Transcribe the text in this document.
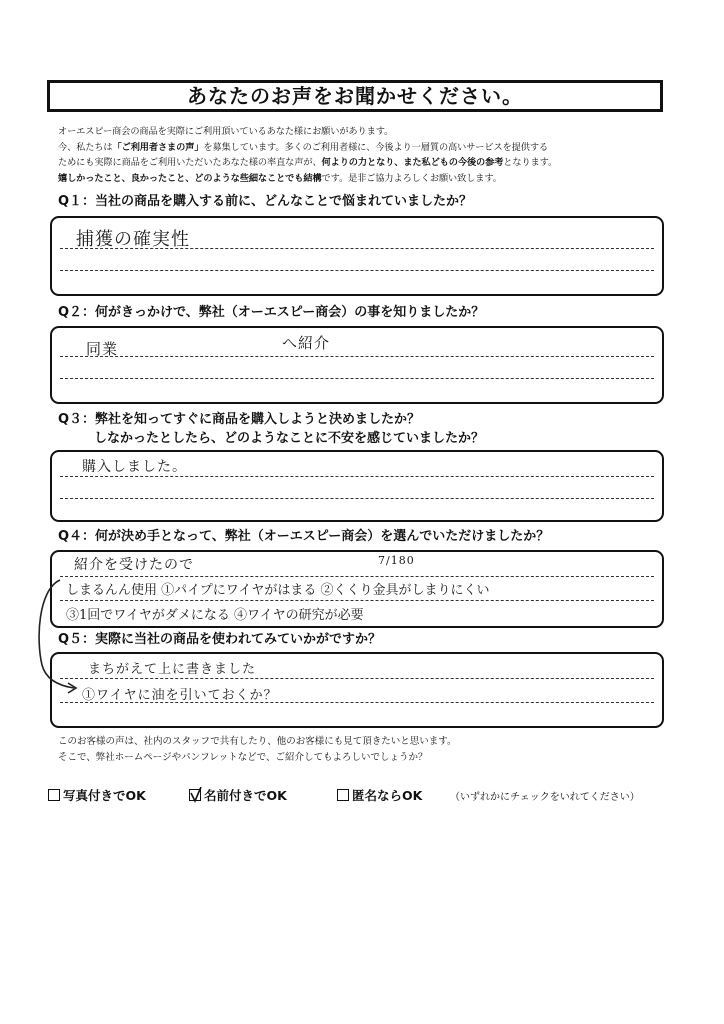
あなたのお声をお聞かせください。

オーエスピー商会の商品を実際にご利用頂いているあなた様にお願いがあります。

今、私たちは「ご利用者さまの声」を募集しています。多くのご利用者様に、今後より一層質の高いサービスを提供する

ためにも実際に商品をご利用いただいたあなた様の率直な声が、何よりの力となり、また私どもの今後の参考となります。

嬉しかったこと、良かったこと、どのような些細なことでも結構です。是非ご協力よろしくお願い致します。

Q１：当社の商品を購入する前に、どんなことで悩まれていましたか？
捕獲の確実性
Q２：何がきっかけで、弊社（オーエスピー商会）の事を知りましたか？
同業	へ紹介
Q３：弊社を知ってすぐに商品を購入しようと決めましたか？
しなかったとしたら、どのようなことに不安を感じていましたか？
購入しました。
Q４：何が決め手となって、弊社（オーエスピー商会）を選んでいただけましたか？
紹介を受けたので	7/180
しまるんん使用 ①パイプにワイヤがはまる ②くくり金具がしまりにくい
③1回でワイヤがダメになる ④ワイヤの研究が必要
Q５：実際に当社の商品を使われてみていかがですか？
まちがえて上に書きました
①ワイヤに油を引いておくか？

このお客様の声は、社内のスタッフで共有したり、他のお客様にも見て頂きたいと思います。

そこで、弊社ホームページやパンフレットなどで、ご紹介してもよろしいでしょうか？

写真付きでOK	名前付きでOK	匿名ならOK	（いずれかにチェックをいれてください）
